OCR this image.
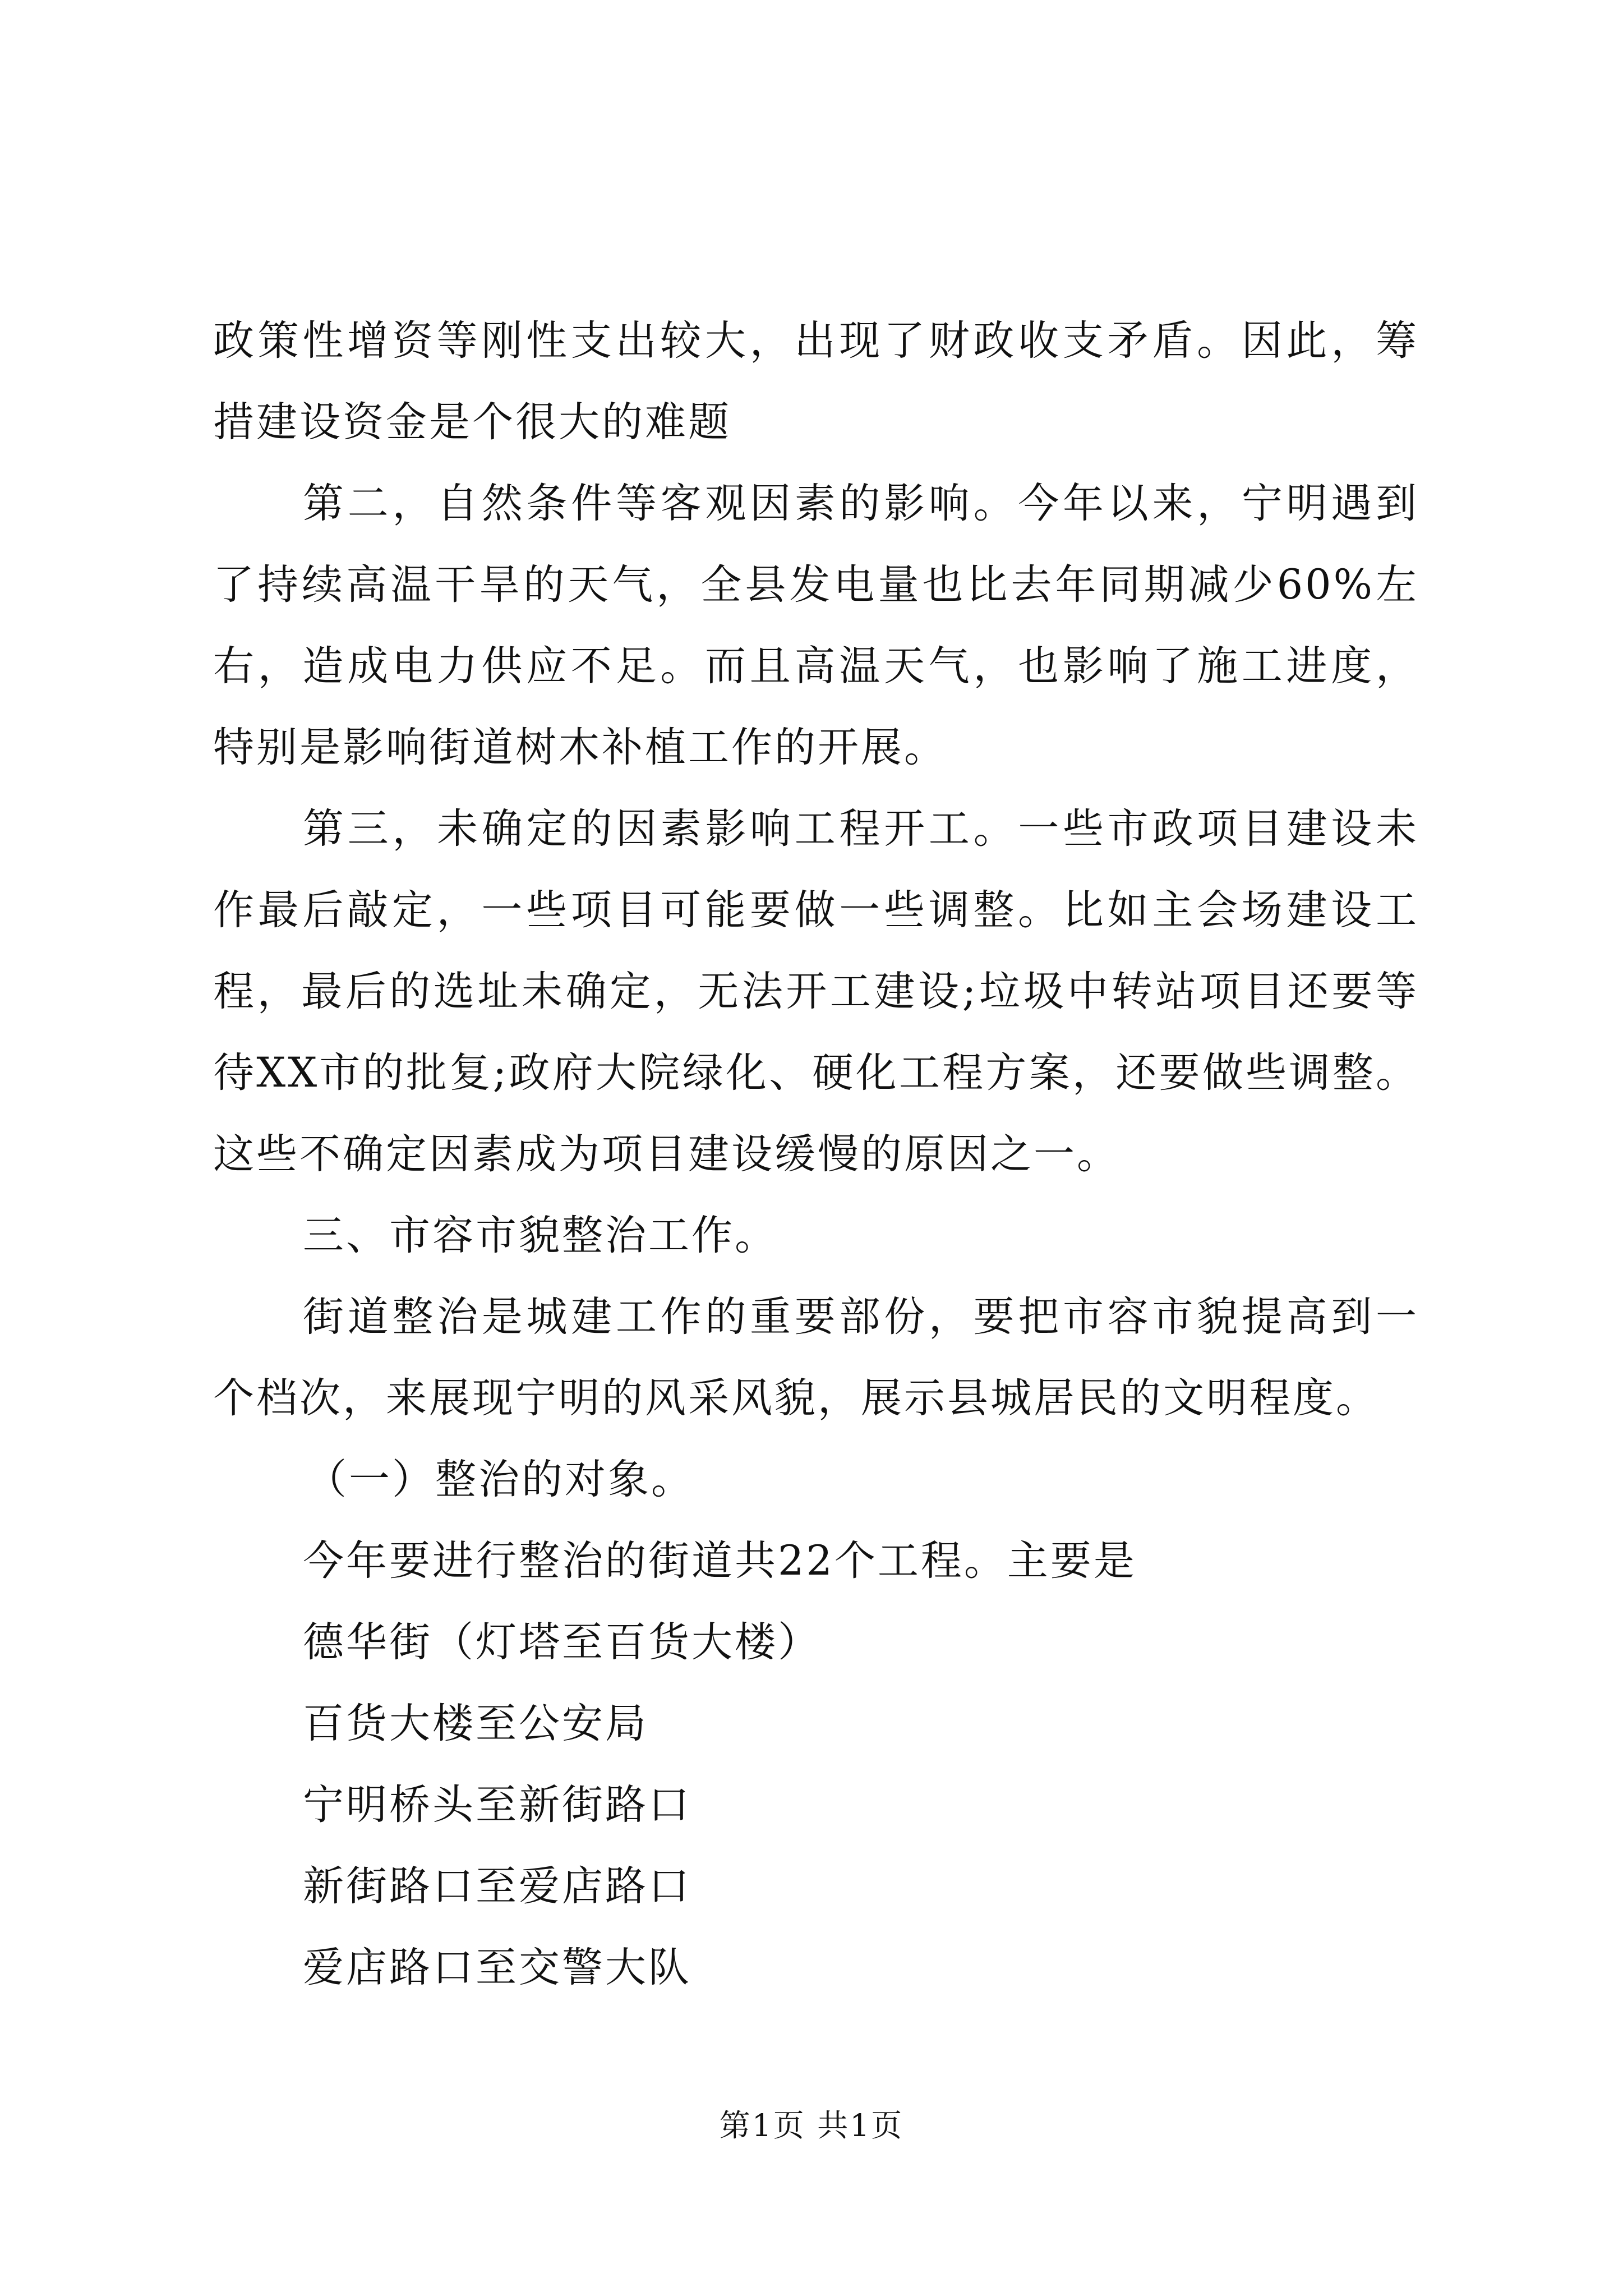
政策性增资等刚性支出较大，出现了财政收支矛盾。因此，筹措建设资金是个很大的难题

第二，自然条件等客观因素的影响。今年以来，宁明遇到了持续高温干旱的天气，全县发电量也比去年同期减少60%左右，造成电力供应不足。而且高温天气，也影响了施工进度，特别是影响街道树木补植工作的开展。

第三，未确定的因素影响工程开工。一些市政项目建设未作最后敲定，一些项目可能要做一些调整。比如主会场建设工程，最后的选址未确定，无法开工建设;垃圾中转站项目还要等待XX市的批复;政府大院绿化、硬化工程方案，还要做些调整。这些不确定因素成为项目建设缓慢的原因之一。

三、市容市貌整治工作。

街道整治是城建工作的重要部份，要把市容市貌提高到一个档次，来展现宁明的风采风貌，展示县城居民的文明程度。

（一）整治的对象。

今年要进行整治的街道共22个工程。主要是

德华街（灯塔至百货大楼）

百货大楼至公安局

宁明桥头至新街路口

新街路口至爱店路口

爱店路口至交警大队

第1页 共1页
